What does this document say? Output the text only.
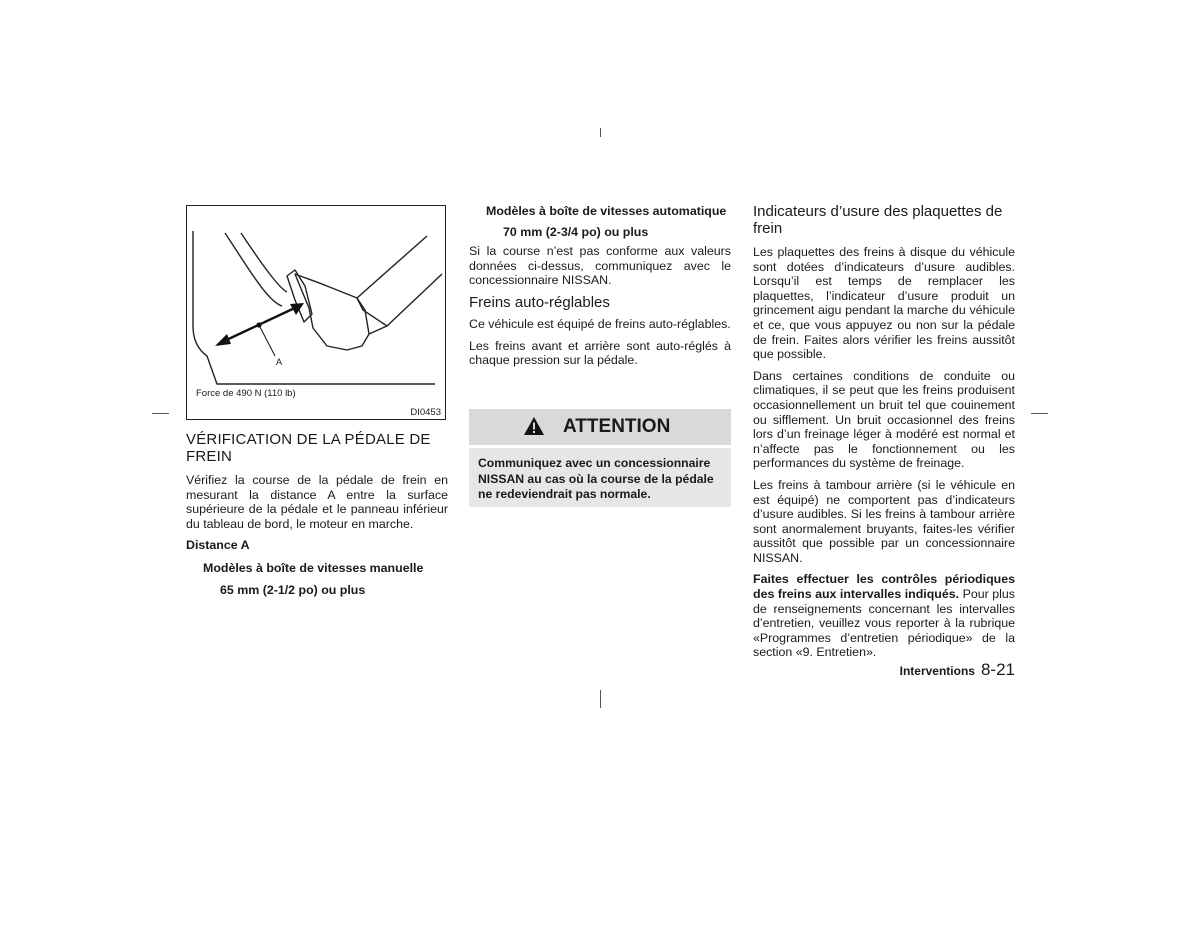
A
Force de 490 N (110 lb)
DI0453
VÉRIFICATION DE LA PÉDALE DE FREIN

Vérifiez la course de la pédale de frein en mesurant la distance A entre la surface supérieure de la pédale et le panneau inférieur du tableau de bord, le moteur en marche.

Distance A

Modèles à boîte de vitesses manuelle

65 mm (2-1/2 po) ou plus

Modèles à boîte de vitesses automatique

70 mm (2-3/4 po) ou plus

Si la course n’est pas conforme aux valeurs données ci-dessus, communiquez avec le concessionnaire NISSAN.

Freins auto-réglables

Ce véhicule est équipé de freins auto-réglables.

Les freins avant et arrière sont auto-réglés à chaque pression sur la pédale.

ATTENTION

Communiquez avec un concessionnaire NISSAN au cas où la course de la pédale ne redeviendrait pas normale.

Indicateurs d’usure des plaquettes de frein

Les plaquettes des freins à disque du véhicule sont dotées d’indicateurs d’usure audibles. Lorsqu’il est temps de remplacer les plaquettes, l’indicateur d’usure produit un grincement aigu pendant la marche du véhicule et ce, que vous appuyez ou non sur la pédale de frein. Faites alors vérifier les freins aussitôt que possible.

Dans certaines conditions de conduite ou climatiques, il se peut que les freins produisent occasionnellement un bruit tel que couinement ou sifflement. Un bruit occasionnel des freins lors d’un freinage léger à modéré est normal et n’affecte pas le fonctionnement ou les performances du système de freinage.

Les freins à tambour arrière (si le véhicule en est équipé) ne comportent pas d’indicateurs d’usure audibles. Si les freins à tambour arrière sont anormalement bruyants, faites-les vérifier aussitôt que possible par un concessionnaire NISSAN.

Faites effectuer les contrôles périodiques des freins aux intervalles indiqués. Pour plus de renseignements concernant les intervalles d’entretien, veuillez vous reporter à la rubrique «Programmes d’entretien périodique» de la section «9. Entretien».

Interventions 8-21
